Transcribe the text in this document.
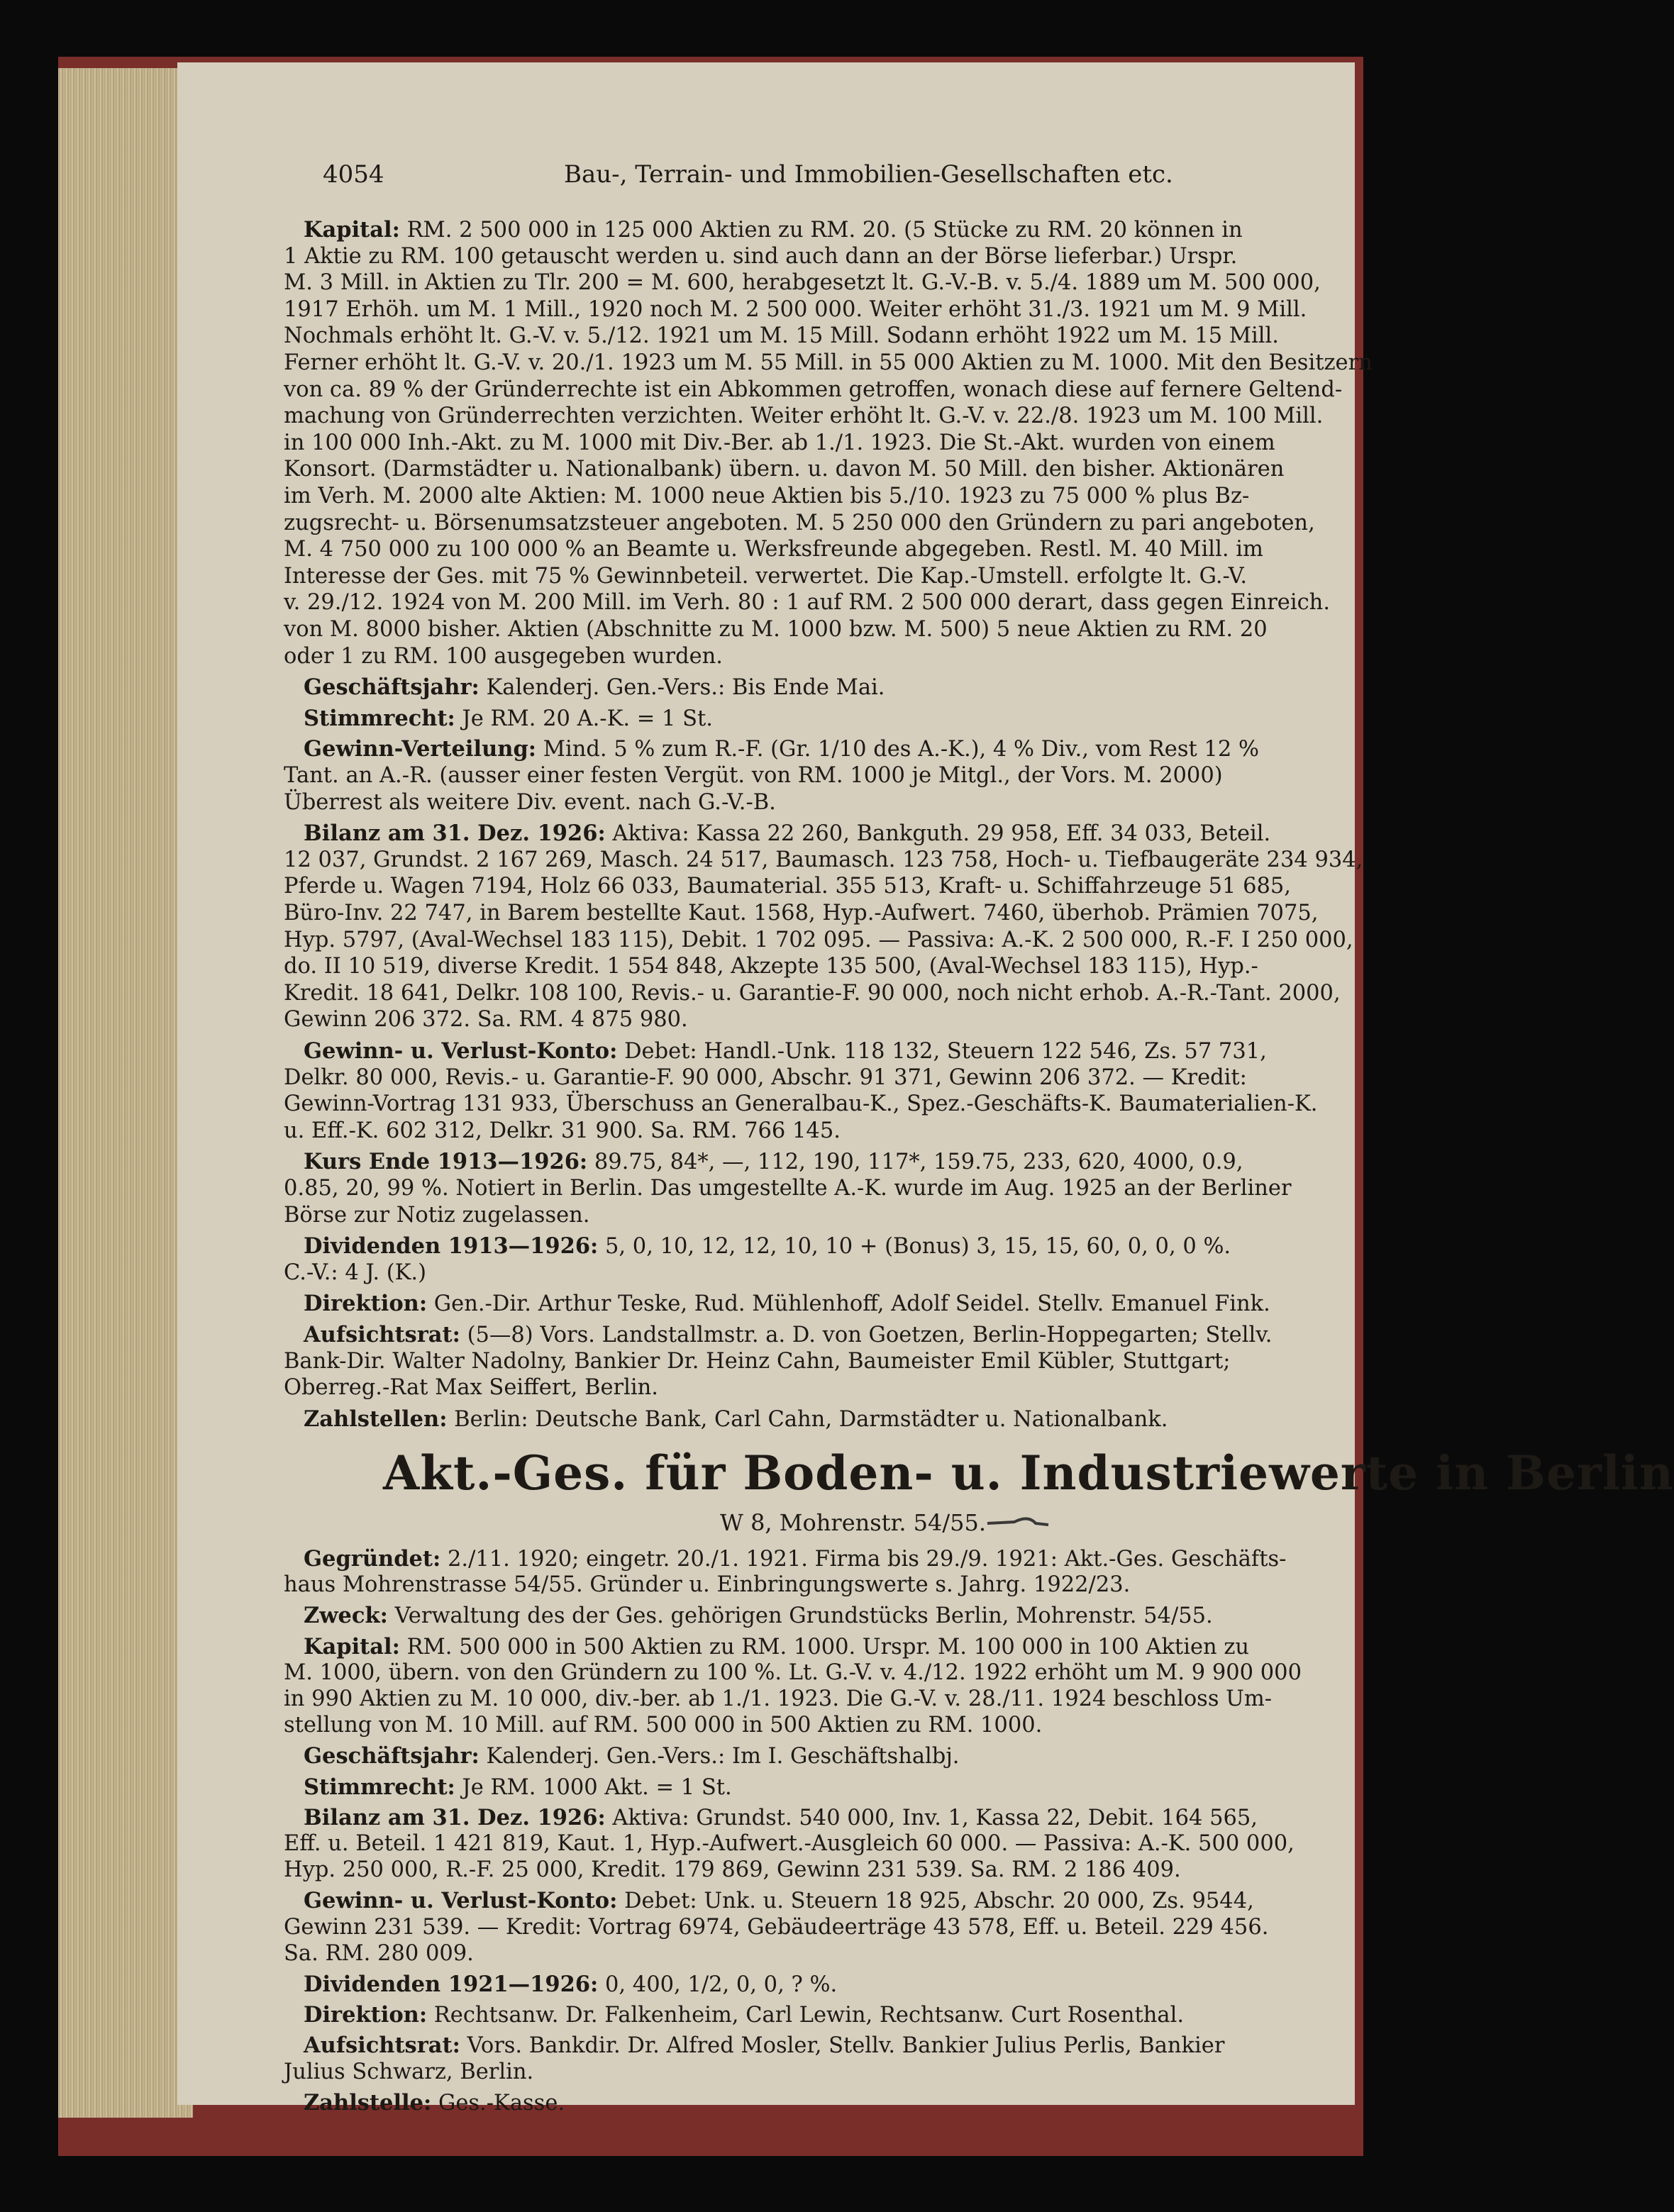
4054	Bau-, Terrain- und Immobilien-Gesellschaften etc.
Akt.-Ges. für Boden- u. Industriewerte in Berlin
W 8, Mohrenstr. 54/55.
Kapital: RM. 2 500 000 in 125 000 Aktien zu RM. 20. (5 Stücke zu RM. 20 können in
1 Aktie zu RM. 100 getauscht werden u. sind auch dann an der Börse lieferbar.) Urspr.
M. 3 Mill. in Aktien zu Tlr. 200 = M. 600, herabgesetzt lt. G.-V.-B. v. 5./4. 1889 um M. 500 000,
1917 Erhöh. um M. 1 Mill., 1920 noch M. 2 500 000. Weiter erhöht 31./3. 1921 um M. 9 Mill.
Nochmals erhöht lt. G.-V. v. 5./12. 1921 um M. 15 Mill. Sodann erhöht 1922 um M. 15 Mill.
Ferner erhöht lt. G.-V. v. 20./1. 1923 um M. 55 Mill. in 55 000 Aktien zu M. 1000. Mit den Besitzern
von ca. 89 % der Gründerrechte ist ein Abkommen getroffen, wonach diese auf fernere Geltend-
machung von Gründerrechten verzichten. Weiter erhöht lt. G.-V. v. 22./8. 1923 um M. 100 Mill.
in 100 000 Inh.-Akt. zu M. 1000 mit Div.-Ber. ab 1./1. 1923. Die St.-Akt. wurden von einem
Konsort. (Darmstädter u. Nationalbank) übern. u. davon M. 50 Mill. den bisher. Aktionären
im Verh. M. 2000 alte Aktien: M. 1000 neue Aktien bis 5./10. 1923 zu 75 000 % plus Bz-
zugsrecht- u. Börsenumsatzsteuer angeboten. M. 5 250 000 den Gründern zu pari angeboten,
M. 4 750 000 zu 100 000 % an Beamte u. Werksfreunde abgegeben. Restl. M. 40 Mill. im
Interesse der Ges. mit 75 % Gewinnbeteil. verwertet. Die Kap.-Umstell. erfolgte lt. G.-V.
v. 29./12. 1924 von M. 200 Mill. im Verh. 80 : 1 auf RM. 2 500 000 derart, dass gegen Einreich.
von M. 8000 bisher. Aktien (Abschnitte zu M. 1000 bzw. M. 500) 5 neue Aktien zu RM. 20
oder 1 zu RM. 100 ausgegeben wurden.
Geschäftsjahr: Kalenderj. Gen.-Vers.: Bis Ende Mai.
Stimmrecht: Je RM. 20 A.-K. = 1 St.
Gewinn-Verteilung: Mind. 5 % zum R.-F. (Gr. 1/10 des A.-K.), 4 % Div., vom Rest 12 %
Tant. an A.-R. (ausser einer festen Vergüt. von RM. 1000 je Mitgl., der Vors. M. 2000)
Überrest als weitere Div. event. nach G.-V.-B.
Bilanz am 31. Dez. 1926: Aktiva: Kassa 22 260, Bankguth. 29 958, Eff. 34 033, Beteil.
12 037, Grundst. 2 167 269, Masch. 24 517, Baumasch. 123 758, Hoch- u. Tiefbaugeräte 234 934,
Pferde u. Wagen 7194, Holz 66 033, Baumaterial. 355 513, Kraft- u. Schiffahrzeuge 51 685,
Büro-Inv. 22 747, in Barem bestellte Kaut. 1568, Hyp.-Aufwert. 7460, überhob. Prämien 7075,
Hyp. 5797, (Aval-Wechsel 183 115), Debit. 1 702 095. — Passiva: A.-K. 2 500 000, R.-F. I 250 000,
do. II 10 519, diverse Kredit. 1 554 848, Akzepte 135 500, (Aval-Wechsel 183 115), Hyp.-
Kredit. 18 641, Delkr. 108 100, Revis.- u. Garantie-F. 90 000, noch nicht erhob. A.-R.-Tant. 2000,
Gewinn 206 372. Sa. RM. 4 875 980.
Gewinn- u. Verlust-Konto: Debet: Handl.-Unk. 118 132, Steuern 122 546, Zs. 57 731,
Delkr. 80 000, Revis.- u. Garantie-F. 90 000, Abschr. 91 371, Gewinn 206 372. — Kredit:
Gewinn-Vortrag 131 933, Überschuss an Generalbau-K., Spez.-Geschäfts-K. Baumaterialien-K.
u. Eff.-K. 602 312, Delkr. 31 900. Sa. RM. 766 145.
Kurs Ende 1913—1926: 89.75, 84*, —, 112, 190, 117*, 159.75, 233, 620, 4000, 0.9,
0.85, 20, 99 %. Notiert in Berlin. Das umgestellte A.-K. wurde im Aug. 1925 an der Berliner
Börse zur Notiz zugelassen.
Dividenden 1913—1926: 5, 0, 10, 12, 12, 10, 10 + (Bonus) 3, 15, 15, 60, 0, 0, 0 %.
C.-V.: 4 J. (K.)
Direktion: Gen.-Dir. Arthur Teske, Rud. Mühlenhoff, Adolf Seidel. Stellv. Emanuel Fink.
Aufsichtsrat: (5—8) Vors. Landstallmstr. a. D. von Goetzen, Berlin-Hoppegarten; Stellv.
Bank-Dir. Walter Nadolny, Bankier Dr. Heinz Cahn, Baumeister Emil Kübler, Stuttgart;
Oberreg.-Rat Max Seiffert, Berlin.
Zahlstellen: Berlin: Deutsche Bank, Carl Cahn, Darmstädter u. Nationalbank.
Gegründet: 2./11. 1920; eingetr. 20./1. 1921. Firma bis 29./9. 1921: Akt.-Ges. Geschäfts-
haus Mohrenstrasse 54/55. Gründer u. Einbringungswerte s. Jahrg. 1922/23.
Zweck: Verwaltung des der Ges. gehörigen Grundstücks Berlin, Mohrenstr. 54/55.
Kapital: RM. 500 000 in 500 Aktien zu RM. 1000. Urspr. M. 100 000 in 100 Aktien zu
M. 1000, übern. von den Gründern zu 100 %. Lt. G.-V. v. 4./12. 1922 erhöht um M. 9 900 000
in 990 Aktien zu M. 10 000, div.-ber. ab 1./1. 1923. Die G.-V. v. 28./11. 1924 beschloss Um-
stellung von M. 10 Mill. auf RM. 500 000 in 500 Aktien zu RM. 1000.
Geschäftsjahr: Kalenderj. Gen.-Vers.: Im I. Geschäftshalbj.
Stimmrecht: Je RM. 1000 Akt. = 1 St.
Bilanz am 31. Dez. 1926: Aktiva: Grundst. 540 000, Inv. 1, Kassa 22, Debit. 164 565,
Eff. u. Beteil. 1 421 819, Kaut. 1, Hyp.-Aufwert.-Ausgleich 60 000. — Passiva: A.-K. 500 000,
Hyp. 250 000, R.-F. 25 000, Kredit. 179 869, Gewinn 231 539. Sa. RM. 2 186 409.
Gewinn- u. Verlust-Konto: Debet: Unk. u. Steuern 18 925, Abschr. 20 000, Zs. 9544,
Gewinn 231 539. — Kredit: Vortrag 6974, Gebäudeerträge 43 578, Eff. u. Beteil. 229 456.
Sa. RM. 280 009.
Dividenden 1921—1926: 0, 400, 1/2, 0, 0, ? %.
Direktion: Rechtsanw. Dr. Falkenheim, Carl Lewin, Rechtsanw. Curt Rosenthal.
Aufsichtsrat: Vors. Bankdir. Dr. Alfred Mosler, Stellv. Bankier Julius Perlis, Bankier
Julius Schwarz, Berlin.
Zahlstelle: Ges.-Kasse.
